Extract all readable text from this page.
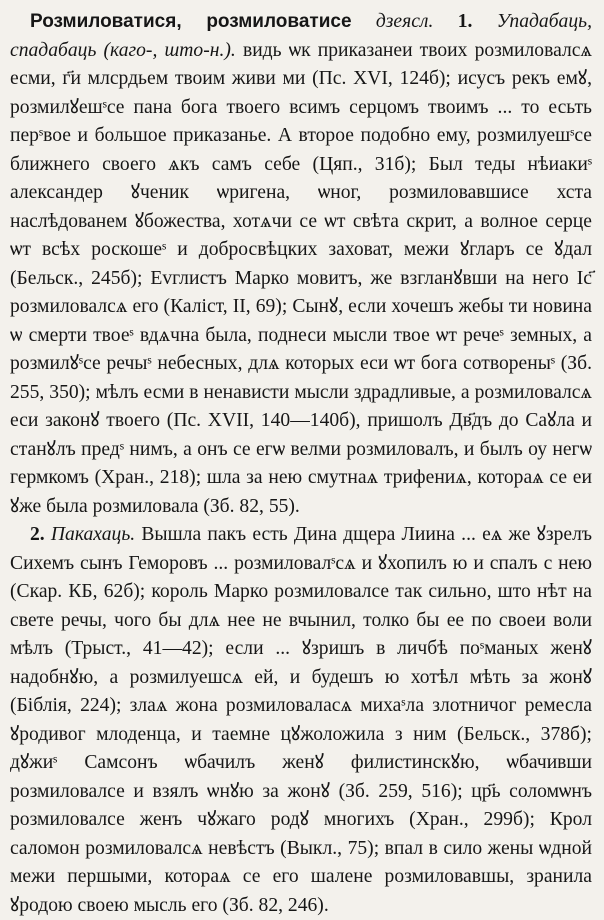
Розмиловатися, розмиловатисе дзеясл. 1. Упадабаць, спадабаць (каго-, што-н.). видь ѡк приказанеи твоих розмиловалсѧ есми, г҃и млсрдьем твоим живи ми (Пс. XVI, 124б); исусъ рекъ емꙋ, розмилꙋешˢсе пана бога твоего всимъ серцомъ твоимъ ... то есьть перˢвое и большое приказанье. А второе подобно ему, розмилуешˢсе ближнего своего ѧкъ самъ себе (Цяп., 31б); Был теды нѣиакиˢ александер ꙋченик ѡригена, ѡног, розмиловавшисе хста наслѣдованем ꙋбожества, хотѧчи се ѡт свѣта скрит, а волное серце ѡт всѣх роскошеˢ и добросвѣцких заховат, межи ꙋгларъ се ꙋдал (Бельск., 245б); Еvглистъ Марко мовитъ, же взгланꙋвши на него Іс҃ розмиловалсѧ его (Каліст, II, 69); Сынꙋ, если хочешъ жебы ти новина ѡ смерти твоеˢ вдѧчна была, поднеси мысли твое ѡт речеˢ земных, а розмилꙋˢсе речыˢ небесных, длѧ которых еси ѡт бога сотвореныˢ (Зб. 255, 350); мѣлъ есми в ненависти мысли здрадливые, а розмиловалсѧ еси законꙋ твоего (Пс. XVII, 140—140б), пришолъ Дв҃дъ до Саꙋла и станꙋлъ предˢ нимъ, а онъ се егѡ велми розмиловалъ, и былъ оу негѡ гермкомъ (Хран., 218); шла за нею смутнаѧ трифениѧ, котораѧ се еи ꙋже была розмиловала (Зб. 82, 55).

2. Пакахаць. Вышла пакъ есть Дина дщера Лиина ... еѧ же ꙋзрелъ Сихемъ сынъ Геморовъ ... розмиловалˢсѧ и ꙋхопилъ ю и спалъ с нею (Скар. КБ, 62б); король Марко розмиловалсе так сильно, што нѣт на свете речы, чого бы длѧ нее не вчынил, толко бы ее по своеи воли мѣлъ (Трыст., 41—42); если ... ꙋзришъ в личбѣ поˢманых женꙋ надобнꙋю, а розмилуешсѧ ей, и будешъ ю хотѣл мѣть за жонꙋ (Біблія, 224); злаѧ жона розмиловаласѧ михаˢла злотничог ремесла ꙋродивог млоденца, и таемне цꙋжоложила з ним (Бельск., 378б); дꙋжиˢ Самсонъ ѡбачилъ женꙋ филистинскꙋю, ѡбачивши розмиловалсе и взялъ ѡнꙋю за жонꙋ (Зб. 259, 516); цр҃ь соломѡнъ розмиловалсе женъ чꙋжаго родꙋ многихъ (Хран., 299б); Крол саломон розмиловалсѧ невѣстъ (Выкл., 75); впал в сило жены ѡдной межи першыми, котораѧ се его шалене розмиловавшы, зранила ꙋродою своею мысль его (Зб. 82, 246).
